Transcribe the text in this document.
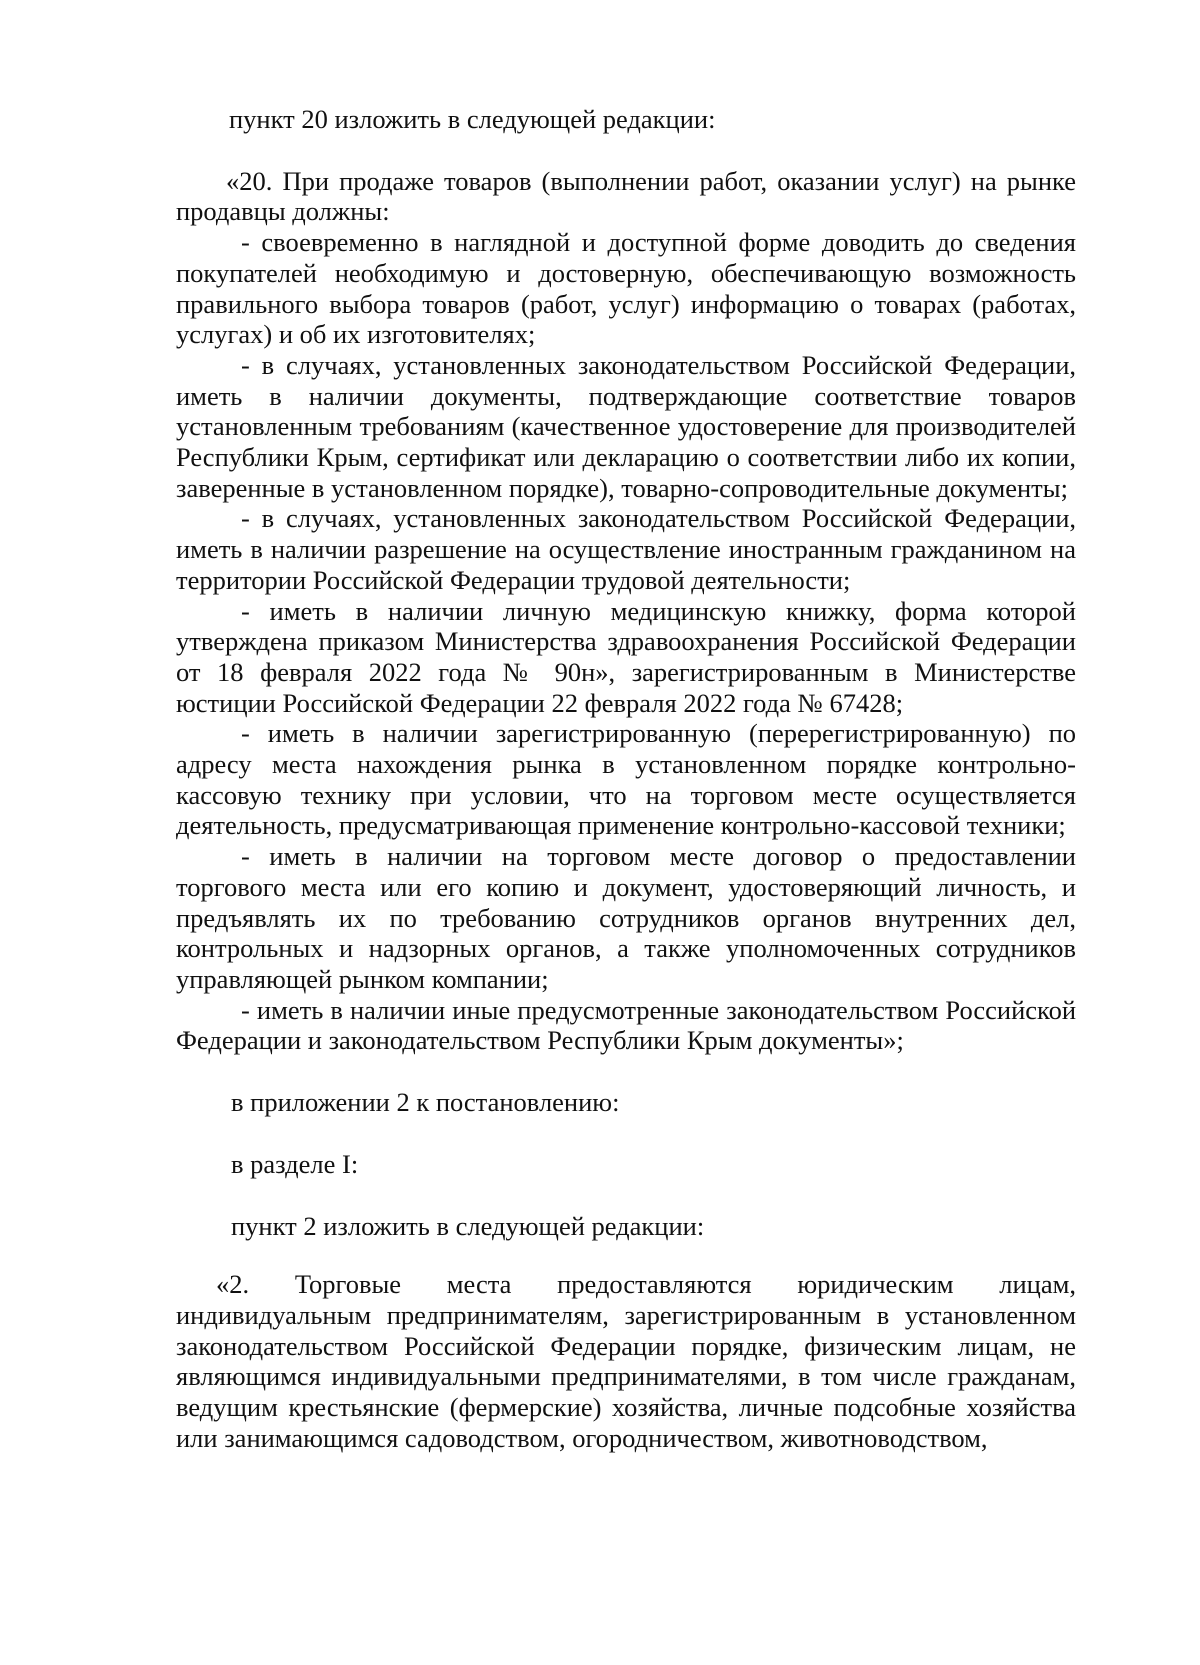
пункт 20 изложить в следующей редакции:

«20. При продаже товаров (выполнении работ, оказании услуг) на рынке продавцы должны:

- своевременно в наглядной и доступной форме доводить до сведения покупателей необходимую и достоверную, обеспечивающую возможность правильного выбора товаров (работ, услуг) информацию о товарах (работах, услугах) и об их изготовителях;

- в случаях, установленных законодательством Российской Федерации, иметь в наличии документы, подтверждающие соответствие товаров установленным требованиям (качественное удостоверение для производителей Республики Крым, сертификат или декларацию о соответствии либо их копии, заверенные в установленном порядке), товарно-сопроводительные документы;

- в случаях, установленных законодательством Российской Федерации, иметь в наличии разрешение на осуществление иностранным гражданином на территории Российской Федерации трудовой деятельности;

- иметь в наличии личную медицинскую книжку, форма которой утверждена приказом Министерства здравоохранения Российской Федерации от 18 февраля 2022 года № 90н», зарегистрированным в Министерстве юстиции Российской Федерации 22 февраля 2022 года № 67428;

- иметь в наличии зарегистрированную (перерегистрированную) по адресу места нахождения рынка в установленном порядке контрольно-кассовую технику при условии, что на торговом месте осуществляется деятельность, предусматривающая применение контрольно-кассовой техники;

- иметь в наличии на торговом месте договор о предоставлении торгового места или его копию и документ, удостоверяющий личность, и предъявлять их по требованию сотрудников органов внутренних дел, контрольных и надзорных органов, а также уполномоченных сотрудников управляющей рынком компании;

- иметь в наличии иные предусмотренные законодательством Российской Федерации и законодательством Республики Крым документы»;

в приложении 2 к постановлению:

в разделе I:

пункт 2 изложить в следующей редакции:

«2. Торговые места предоставляются юридическим лицам, индивидуальным предпринимателям, зарегистрированным в установленном законодательством Российской Федерации порядке, физическим лицам, не являющимся индивидуальными предпринимателями, в том числе гражданам, ведущим крестьянские (фермерские) хозяйства, личные подсобные хозяйства или занимающимся садоводством, огородничеством, животноводством,
